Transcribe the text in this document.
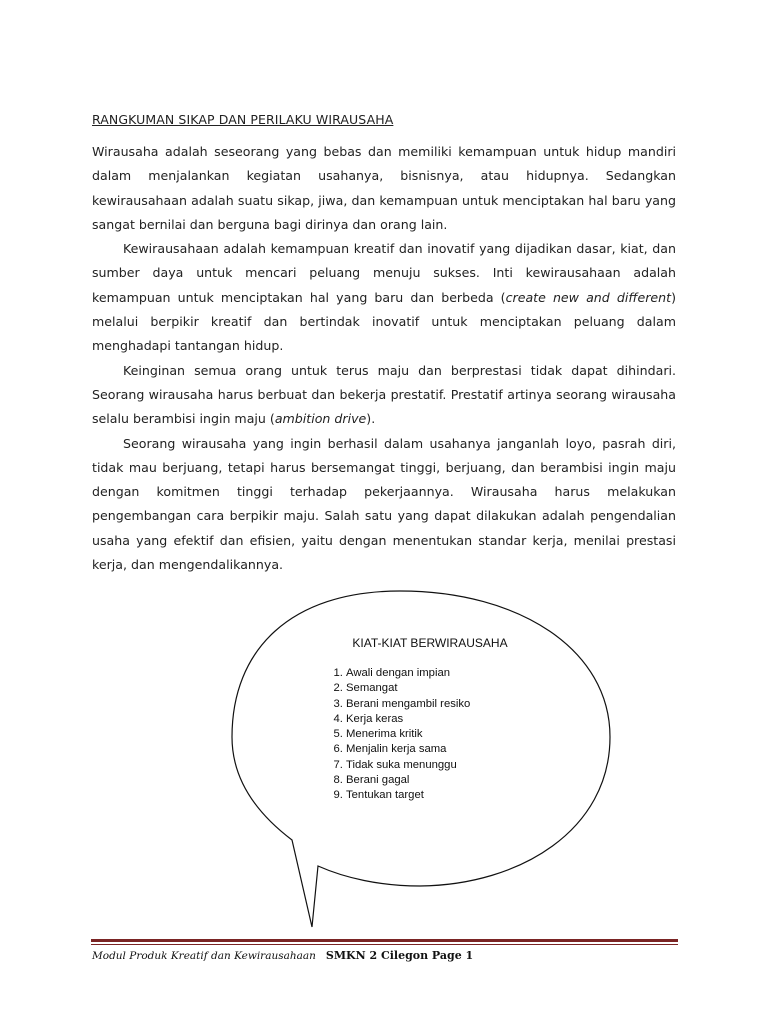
RANGKUMAN SIKAP DAN PERILAKU WIRAUSAHA

Wirausaha adalah seseorang yang bebas dan memiliki kemampuan untuk hidup mandiri dalam menjalankan kegiatan usahanya, bisnisnya, atau hidupnya. Sedangkan kewirausahaan adalah suatu sikap, jiwa, dan kemampuan untuk menciptakan hal baru yang sangat bernilai dan berguna bagi dirinya dan orang lain.

Kewirausahaan adalah kemampuan kreatif dan inovatif yang dijadikan dasar, kiat, dan sumber daya untuk mencari peluang menuju sukses. Inti kewirausahaan adalah kemampuan untuk menciptakan hal yang baru dan berbeda (create new and different) melalui berpikir kreatif dan bertindak inovatif untuk menciptakan peluang dalam menghadapi tantangan hidup.

Keinginan semua orang untuk terus maju dan berprestasi tidak dapat dihindari. Seorang wirausaha harus berbuat dan bekerja prestatif. Prestatif artinya seorang wirausaha selalu berambisi ingin maju (ambition drive).

Seorang wirausaha yang ingin berhasil dalam usahanya janganlah loyo, pasrah diri, tidak mau berjuang, tetapi harus bersemangat tinggi, berjuang, dan berambisi ingin maju dengan komitmen tinggi terhadap pekerjaannya. Wirausaha harus melakukan pengembangan cara berpikir maju. Salah satu yang dapat dilakukan adalah pengendalian usaha yang efektif dan efisien, yaitu dengan menentukan standar kerja, menilai prestasi kerja, dan mengendalikannya.

KIAT-KIAT BERWIRAUSAHA
1. Awali dengan impian
2. Semangat
3. Berani mengambil resiko
4. Kerja keras
5. Menerima kritik
6. Menjalin kerja sama
7. Tidak suka menunggu
8. Berani gagal
9. Tentukan target
Modul Produk Kreatif dan Kewirausahaan SMKN 2 Cilegon Page 1
